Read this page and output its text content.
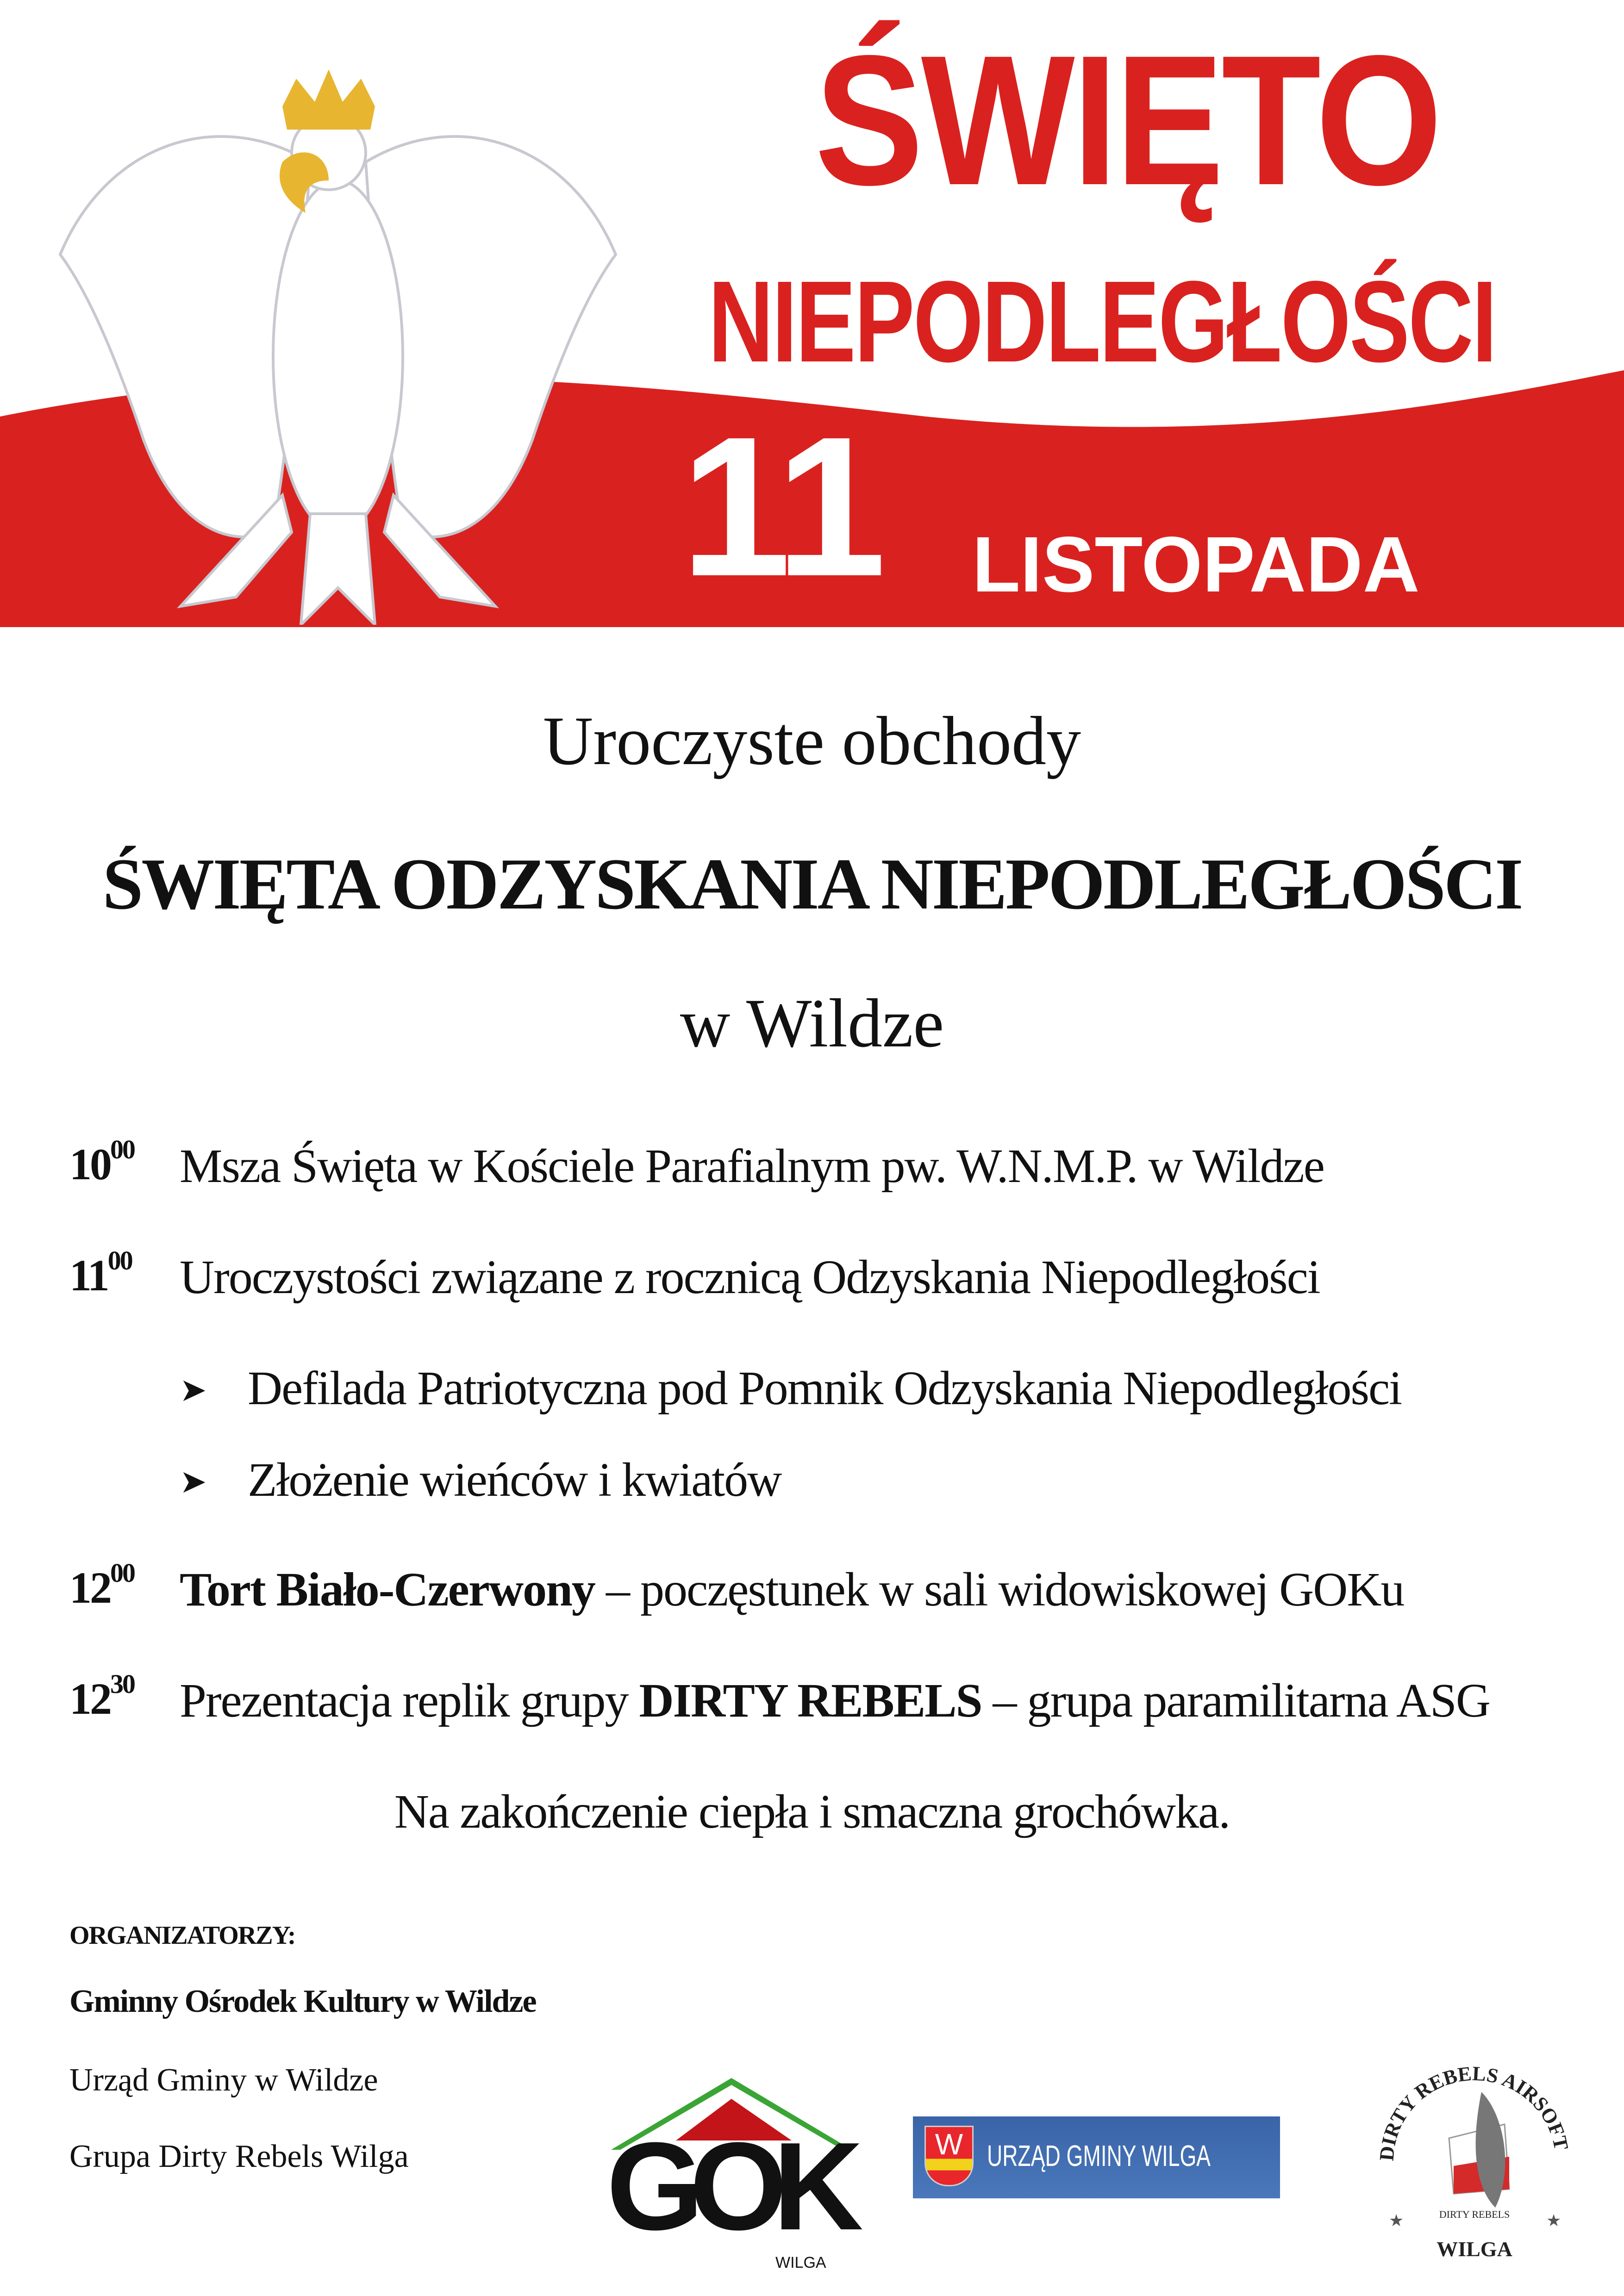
ŚWIĘTO
NIEPODLEGŁOŚCI
11 LISTOPADA
Uroczyste obchody
ŚWIĘTA ODZYSKANIA NIEPODLEGŁOŚCI
w Wildze
$10^{00}$ Msza Święta w Kościele Parafialnym pw. W.N.M.P. w Wildze
$11^{00}$ Uroczystości związane z rocznicą Odzyskania Niepodległości
➤ Defilada Patriotyczna pod Pomnik Odzyskania Niepodległości
➤ Złożenie wieńców i kwiatów
$12^{00}$ Tort Biało-Czerwony – poczęstunek w sali widowiskowej GOKu
$12^{30}$ Prezentacja replik grupy DIRTY REBELS – grupa paramilitarna ASG
Na zakończenie ciepła i smaczna grochówka.
ORGANIZATORZY:
Gminny Ośrodek Kultury w Wildze
Urząd Gminy w Wildze
Grupa Dirty Rebels Wilga GOK
WILGA
W URZĄD GMINY WILGA	DIRTY REBELS AIRSOFT
★	★
DIRTY REBELS
WILGA
